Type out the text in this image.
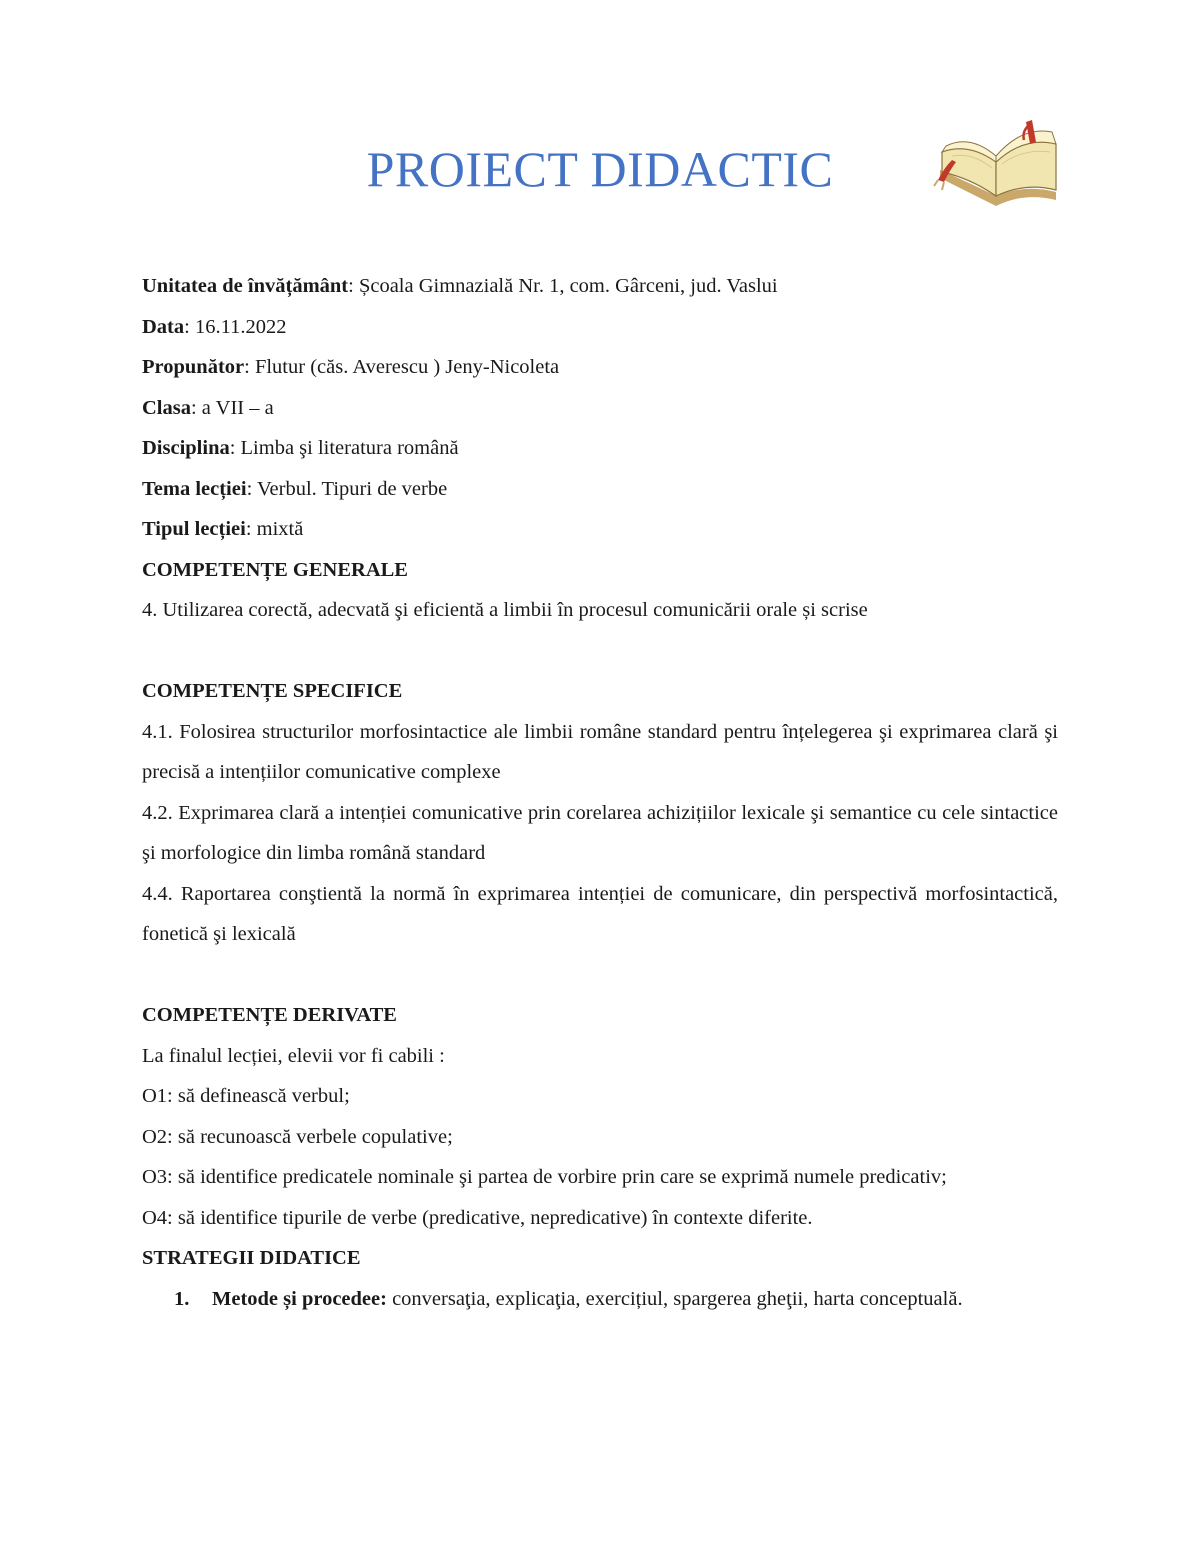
PROIECT DIDACTIC

Unitatea de învățământ: Școala Gimnazială Nr. 1, com. Gârceni, jud. Vaslui

Data: 16.11.2022

Propunător: Flutur (căs. Averescu ) Jeny-Nicoleta

Clasa: a VII – a

Disciplina: Limba şi literatura română

Tema lecției: Verbul. Tipuri de verbe

Tipul lecției: mixtă

COMPETENȚE GENERALE

4. Utilizarea corectă, adecvată şi eficientă a limbii în procesul comunicării orale și scrise

COMPETENȚE SPECIFICE

4.1. Folosirea structurilor morfosintactice ale limbii române standard pentru înțelegerea şi exprimarea clară şi precisă a intențiilor comunicative complexe

4.2. Exprimarea clară a intenției comunicative prin corelarea achizițiilor lexicale şi semantice cu cele sintactice şi morfologice din limba română standard

4.4. Raportarea conştientă la normă în exprimarea intenției de comunicare, din perspectivă morfosintactică, fonetică şi lexicală

COMPETENȚE DERIVATE

La finalul lecției, elevii vor fi cabili :

O1: să definească verbul;

O2: să recunoască verbele copulative;

O3: să identifice predicatele nominale şi partea de vorbire prin care se exprimă numele predicativ;

O4: să identifice tipurile de verbe (predicative, nepredicative) în contexte diferite.

STRATEGII DIDATICE

1. Metode și procedee: conversaţia, explicaţia, exercițiul, spargerea gheţii, harta conceptuală.
